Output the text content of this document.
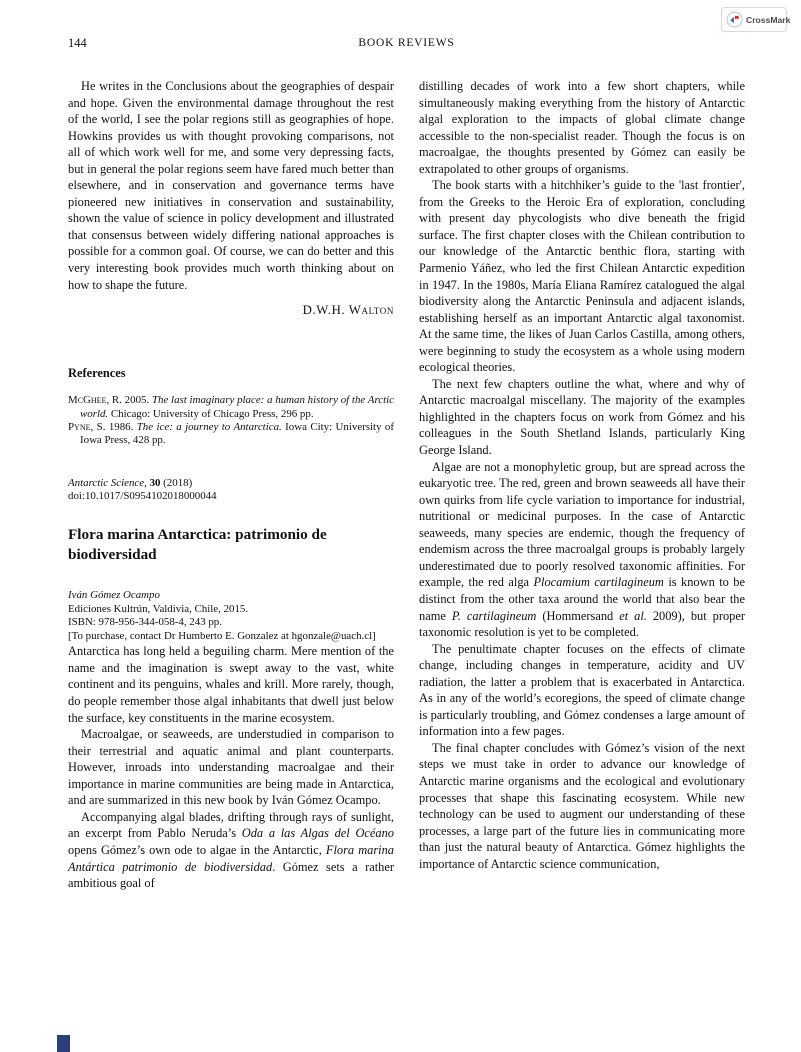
CrossMark
144	BOOK REVIEWS

He writes in the Conclusions about the geographies of despair and hope. Given the environmental damage throughout the rest of the world, I see the polar regions still as geographies of hope. Howkins provides us with thought provoking comparisons, not all of which work well for me, and some very depressing facts, but in general the polar regions seem have fared much better than elsewhere, and in conservation and governance terms have pioneered new initiatives in conservation and sustainability, shown the value of science in policy development and illustrated that consensus between widely differing national approaches is possible for a common goal. Of course, we can do better and this very interesting book provides much worth thinking about on how to shape the future.

D.W.H. Walton

References

McGhee, R. 2005. The last imaginary place: a human history of the Arctic world. Chicago: University of Chicago Press, 296 pp.

Pyne, S. 1986. The ice: a journey to Antarctica. Iowa City: University of Iowa Press, 428 pp.

Antarctic Science, 30 (2018)
doi:10.1017/S0954102018000044

Flora marina Antarctica: patrimonio de biodiversidad

Iván Gómez Ocampo

Ediciones Kultrún, Valdivia, Chile, 2015.

ISBN: 978-956-344-058-4, 243 pp.

[To purchase, contact Dr Humberto E. Gonzalez at hgonzale@uach.cl]

Antarctica has long held a beguiling charm. Mere mention of the name and the imagination is swept away to the vast, white continent and its penguins, whales and krill. More rarely, though, do people remember those algal inhabitants that dwell just below the surface, key constituents in the marine ecosystem.

Macroalgae, or seaweeds, are understudied in comparison to their terrestrial and aquatic animal and plant counterparts. However, inroads into understanding macroalgae and their importance in marine communities are being made in Antarctica, and are summarized in this new book by Iván Gómez Ocampo.

Accompanying algal blades, drifting through rays of sunlight, an excerpt from Pablo Neruda’s Oda a las Algas del Océano opens Gómez’s own ode to algae in the Antarctic, Flora marina Antártica patrimonio de biodiversidad. Gómez sets a rather ambitious goal of

distilling decades of work into a few short chapters, while simultaneously making everything from the history of Antarctic algal exploration to the impacts of global climate change accessible to the non-specialist reader. Though the focus is on macroalgae, the thoughts presented by Gómez can easily be extrapolated to other groups of organisms.

The book starts with a hitchhiker’s guide to the 'last frontier', from the Greeks to the Heroic Era of exploration, concluding with present day phycologists who dive beneath the frigid surface. The first chapter closes with the Chilean contribution to our knowledge of the Antarctic benthic flora, starting with Parmenio Yáñez, who led the first Chilean Antarctic expedition in 1947. In the 1980s, María Eliana Ramírez catalogued the algal biodiversity along the Antarctic Peninsula and adjacent islands, establishing herself as an important Antarctic algal taxonomist. At the same time, the likes of Juan Carlos Castilla, among others, were beginning to study the ecosystem as a whole using modern ecological theories.

The next few chapters outline the what, where and why of Antarctic macroalgal miscellany. The majority of the examples highlighted in the chapters focus on work from Gómez and his colleagues in the South Shetland Islands, particularly King George Island.

Algae are not a monophyletic group, but are spread across the eukaryotic tree. The red, green and brown seaweeds all have their own quirks from life cycle variation to importance for industrial, nutritional or medicinal purposes. In the case of Antarctic seaweeds, many species are endemic, though the frequency of endemism across the three macroalgal groups is probably largely underestimated due to poorly resolved taxonomic affinities. For example, the red alga Plocamium cartilagineum is known to be distinct from the other taxa around the world that also bear the name P. cartilagineum (Hommersand et al. 2009), but proper taxonomic resolution is yet to be completed.

The penultimate chapter focuses on the effects of climate change, including changes in temperature, acidity and UV radiation, the latter a problem that is exacerbated in Antarctica. As in any of the world’s ecoregions, the speed of climate change is particularly troubling, and Gómez condenses a large amount of information into a few pages.

The final chapter concludes with Gómez’s vision of the next steps we must take in order to advance our knowledge of Antarctic marine organisms and the ecological and evolutionary processes that shape this fascinating ecosystem. While new technology can be used to augment our understanding of these processes, a large part of the future lies in communicating more than just the natural beauty of Antarctica. Gómez highlights the importance of Antarctic science communication,
